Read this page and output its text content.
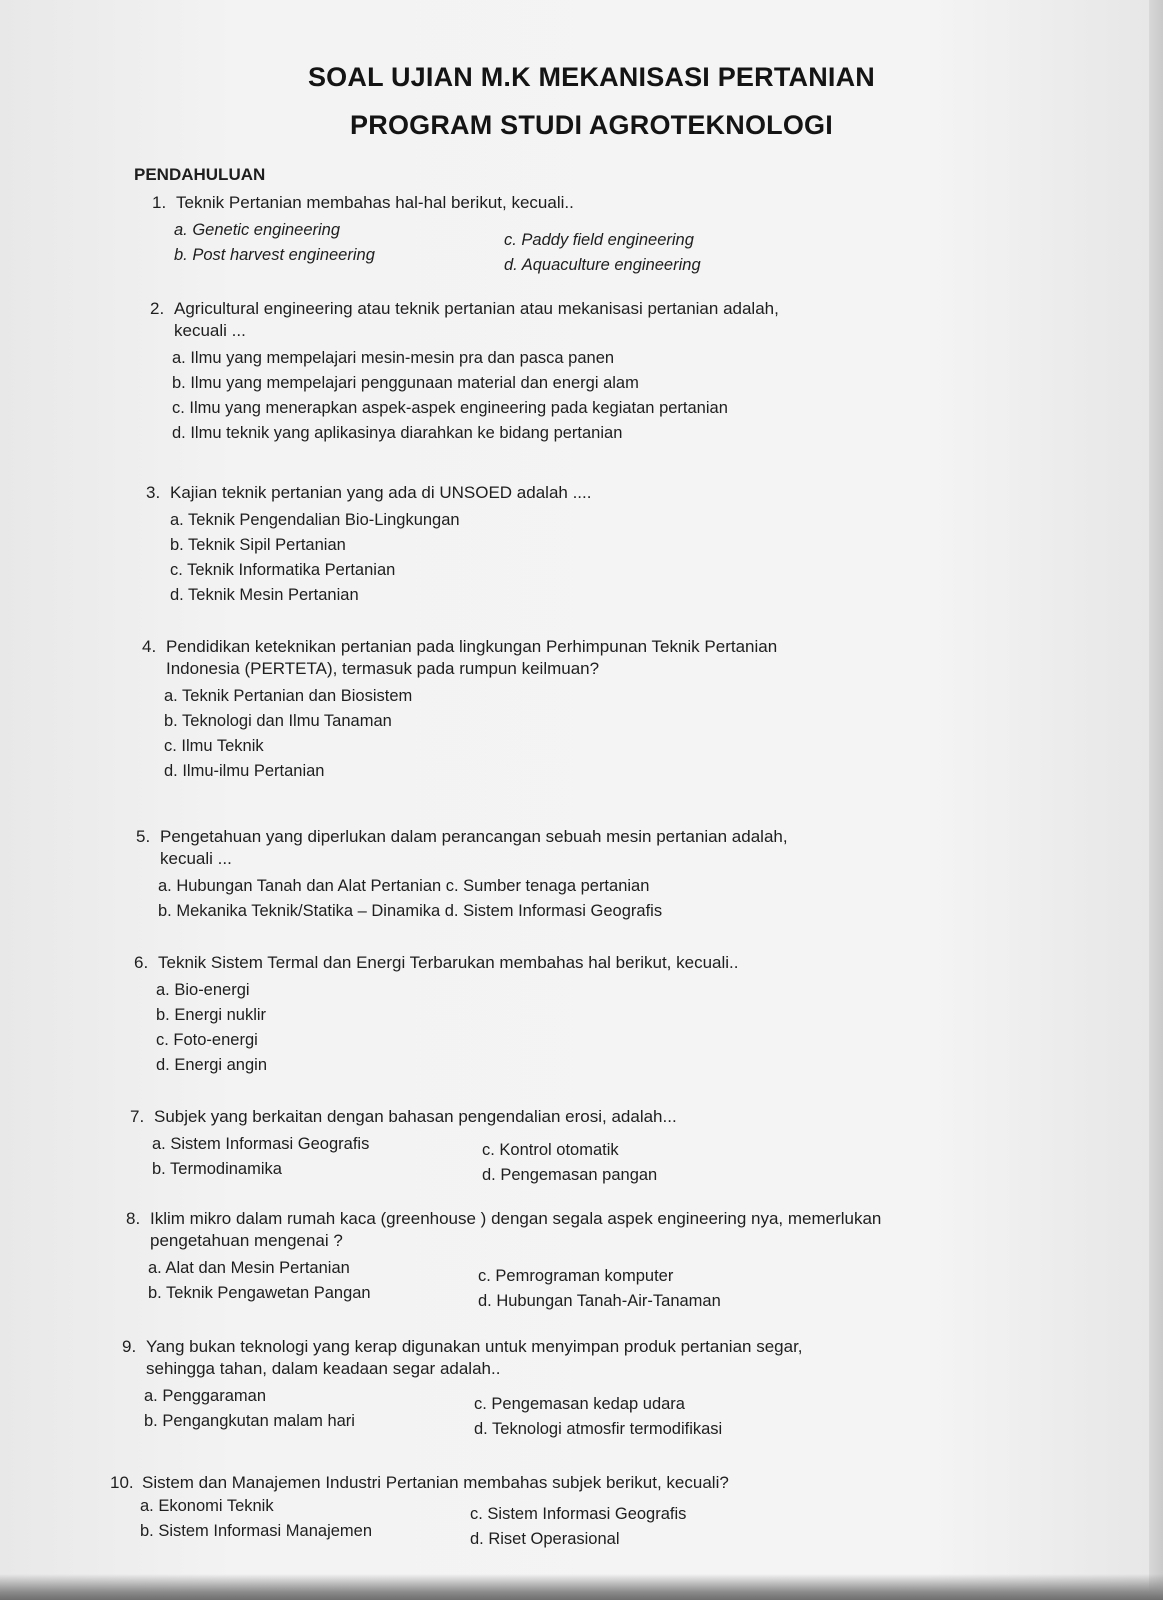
SOAL UJIAN M.K MEKANISASI PERTANIAN
PROGRAM STUDI AGROTEKNOLOGI
PENDAHULUAN
1. Teknik Pertanian membahas hal-hal berikut, kecuali..
a. Genetic engineering
c. Paddy field engineering
b. Post harvest engineering
d. Aquaculture engineering
2. Agricultural engineering atau teknik pertanian atau mekanisasi pertanian adalah,
kecuali ...
a. Ilmu yang mempelajari mesin-mesin pra dan pasca panen
b. Ilmu yang mempelajari penggunaan material dan energi alam
c. Ilmu yang menerapkan aspek-aspek engineering pada kegiatan pertanian
d. Ilmu teknik yang aplikasinya diarahkan ke bidang pertanian
3. Kajian teknik pertanian yang ada di UNSOED adalah ....
a. Teknik Pengendalian Bio-Lingkungan
b. Teknik Sipil Pertanian
c. Teknik Informatika Pertanian
d. Teknik Mesin Pertanian
4. Pendidikan keteknikan pertanian pada lingkungan Perhimpunan Teknik Pertanian
Indonesia (PERTETA), termasuk pada rumpun keilmuan?
a. Teknik Pertanian dan Biosistem
b. Teknologi dan Ilmu Tanaman
c. Ilmu Teknik
d. Ilmu-ilmu Pertanian
5. Pengetahuan yang diperlukan dalam perancangan sebuah mesin pertanian adalah,
kecuali ...
a. Hubungan Tanah dan Alat Pertanian c. Sumber tenaga pertanian
b. Mekanika Teknik/Statika – Dinamika d. Sistem Informasi Geografis
6. Teknik Sistem Termal dan Energi Terbarukan membahas hal berikut, kecuali..
a. Bio-energi
b. Energi nuklir
c. Foto-energi
d. Energi angin
7. Subjek yang berkaitan dengan bahasan pengendalian erosi, adalah...
a. Sistem Informasi Geografis	c. Kontrol otomatik
b. Termodinamika	d. Pengemasan pangan
8. Iklim mikro dalam rumah kaca (greenhouse ) dengan segala aspek engineering nya, memerlukan
pengetahuan mengenai ?
a. Alat dan Mesin Pertanian	c. Pemrograman komputer
b. Teknik Pengawetan Pangan	d. Hubungan Tanah-Air-Tanaman
9. Yang bukan teknologi yang kerap digunakan untuk menyimpan produk pertanian segar,
sehingga tahan, dalam keadaan segar adalah..
a. Penggaraman	c. Pengemasan kedap udara
b. Pengangkutan malam hari	d. Teknologi atmosfir termodifikasi
10. Sistem dan Manajemen Industri Pertanian membahas subjek berikut, kecuali?
a. Ekonomi Teknik	c. Sistem Informasi Geografis
b. Sistem Informasi Manajemen	d. Riset Operasional
